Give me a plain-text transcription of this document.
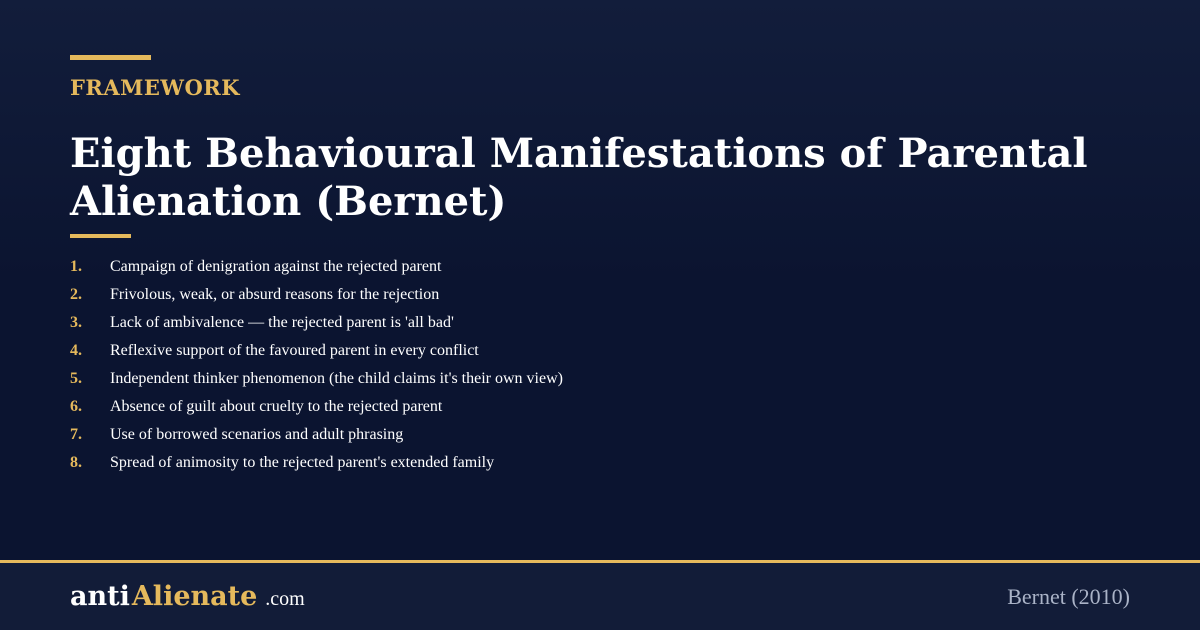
FRAMEWORK
Eight Behavioural Manifestations of Parental Alienation (Bernet)
1.	Campaign of denigration against the rejected parent
2.	Frivolous, weak, or absurd reasons for the rejection
3.	Lack of ambivalence — the rejected parent is 'all bad'
4.	Reflexive support of the favoured parent in every conflict
5.	Independent thinker phenomenon (the child claims it's their own view)
6.	Absence of guilt about cruelty to the rejected parent
7.	Use of borrowed scenarios and adult phrasing
8.	Spread of animosity to the rejected parent's extended family
anti Alienate .com	Bernet (2010)
